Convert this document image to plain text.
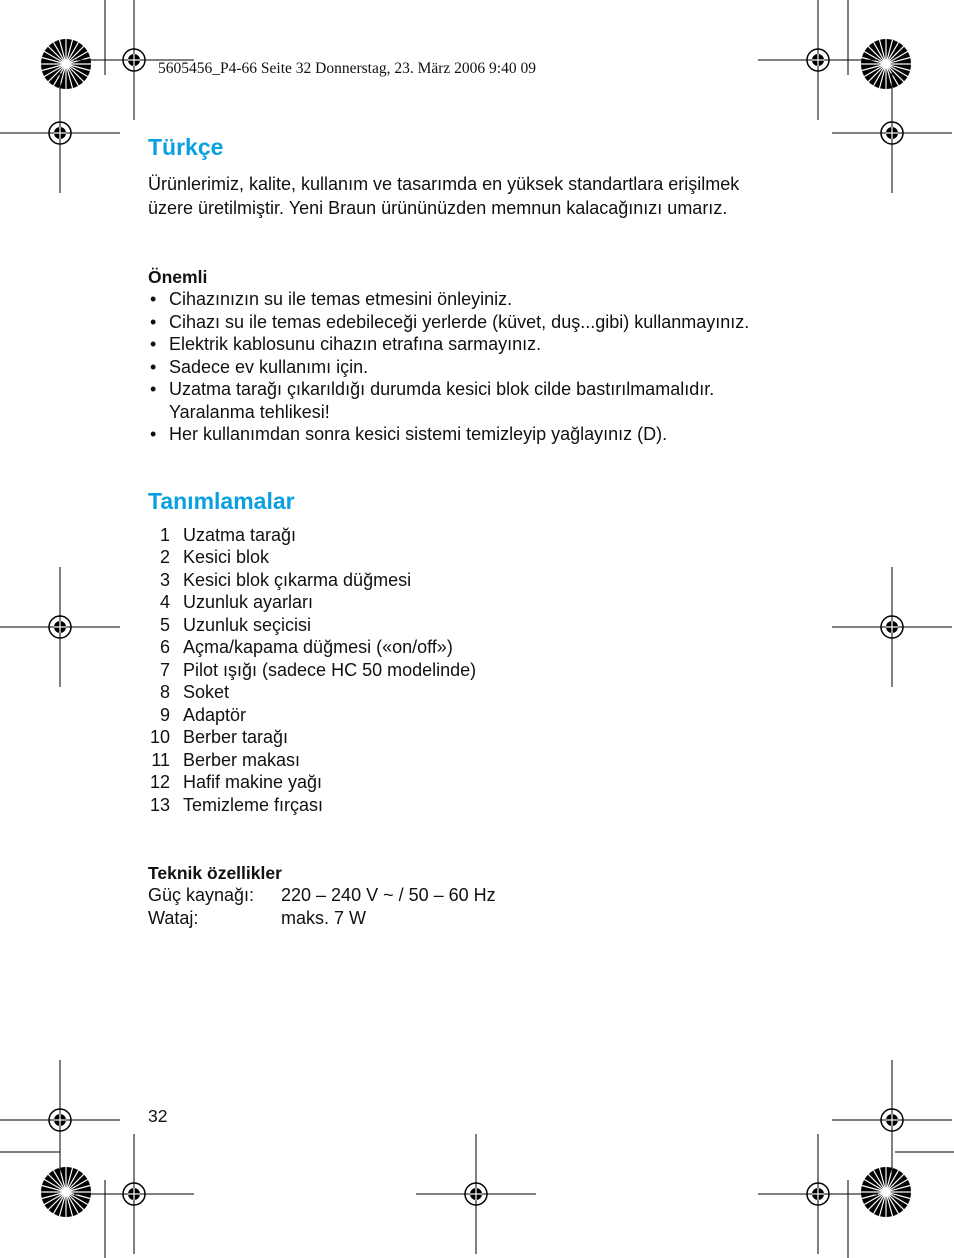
5605456_P4-66 Seite 32 Donnerstag, 23. März 2006 9:40 09
Türkçe

Ürünlerimiz, kalite, kullanım ve tasarımda en yüksek standartlara erişilmek
üzere üretilmiştir. Yeni Braun ürününüzden memnun kalacağınızı umarız.

Önemli
• Cihazınızın su ile temas etmesini önleyiniz.
• Cihazı su ile temas edebileceği yerlerde (küvet, duş...gibi) kullanmayınız.
• Elektrik kablosunu cihazın etrafına sarmayınız.
• Sadece ev kullanımı için.
• Uzatma tarağı çıkarıldığı durumda kesici blok cilde bastırılmamalıdır.
Yaralanma tehlikesi!
• Her kullanımdan sonra kesici sistemi temizleyip yağlayınız (D).
Tanımlamalar
1	Uzatma tarağı
2	Kesici blok
3	Kesici blok çıkarma düğmesi
4	Uzunluk ayarları
5	Uzunluk seçicisi
6	Açma/kapama düğmesi («on/off»)
7	Pilot ışığı (sadece HC 50 modelinde)
8	Soket
9	Adaptör
10	Berber tarağı
11	Berber makası
12	Hafif makine yağı
13	Temizleme fırçası
Teknik özellikler
Güç kaynağı:	220 – 240 V ~ / 50 – 60 Hz
Wataj:	maks. 7 W
32
